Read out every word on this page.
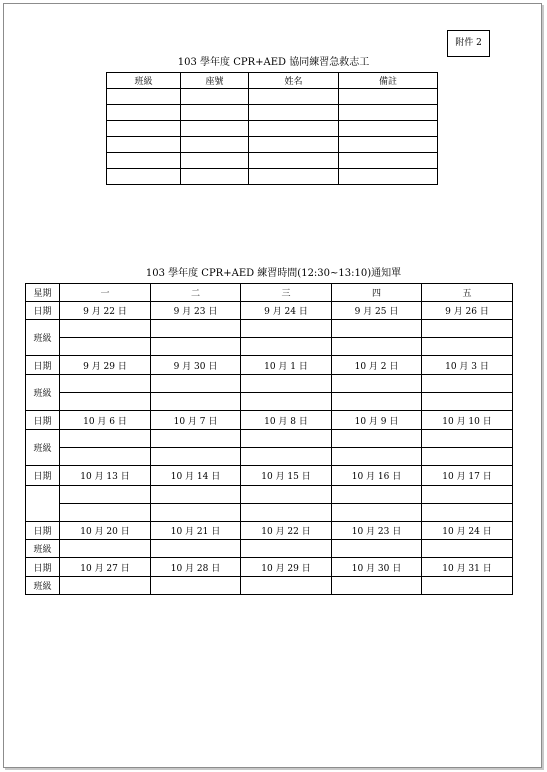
附件 2
103 學年度 CPR+AED 協同練習急救志工
班級	座號	姓名	備註

103 學年度 CPR+AED 練習時間(12:30~13:10)通知單
星期	一	二	三	四	五
日期	9 月 22 日	9 月 23 日	9 月 24 日	9 月 25 日	9 月 26 日
班級					

日期	9 月 29 日	9 月 30 日	10 月 1 日	10 月 2 日	10 月 3 日
班級					

日期	10 月 6 日	10 月 7 日	10 月 8 日	10 月 9 日	10 月 10 日
班級					

日期	10 月 13 日	10 月 14 日	10 月 15 日	10 月 16 日	10 月 17 日

日期	10 月 20 日	10 月 21 日	10 月 22 日	10 月 23 日	10 月 24 日
班級					
日期	10 月 27 日	10 月 28 日	10 月 29 日	10 月 30 日	10 月 31 日
班級					
